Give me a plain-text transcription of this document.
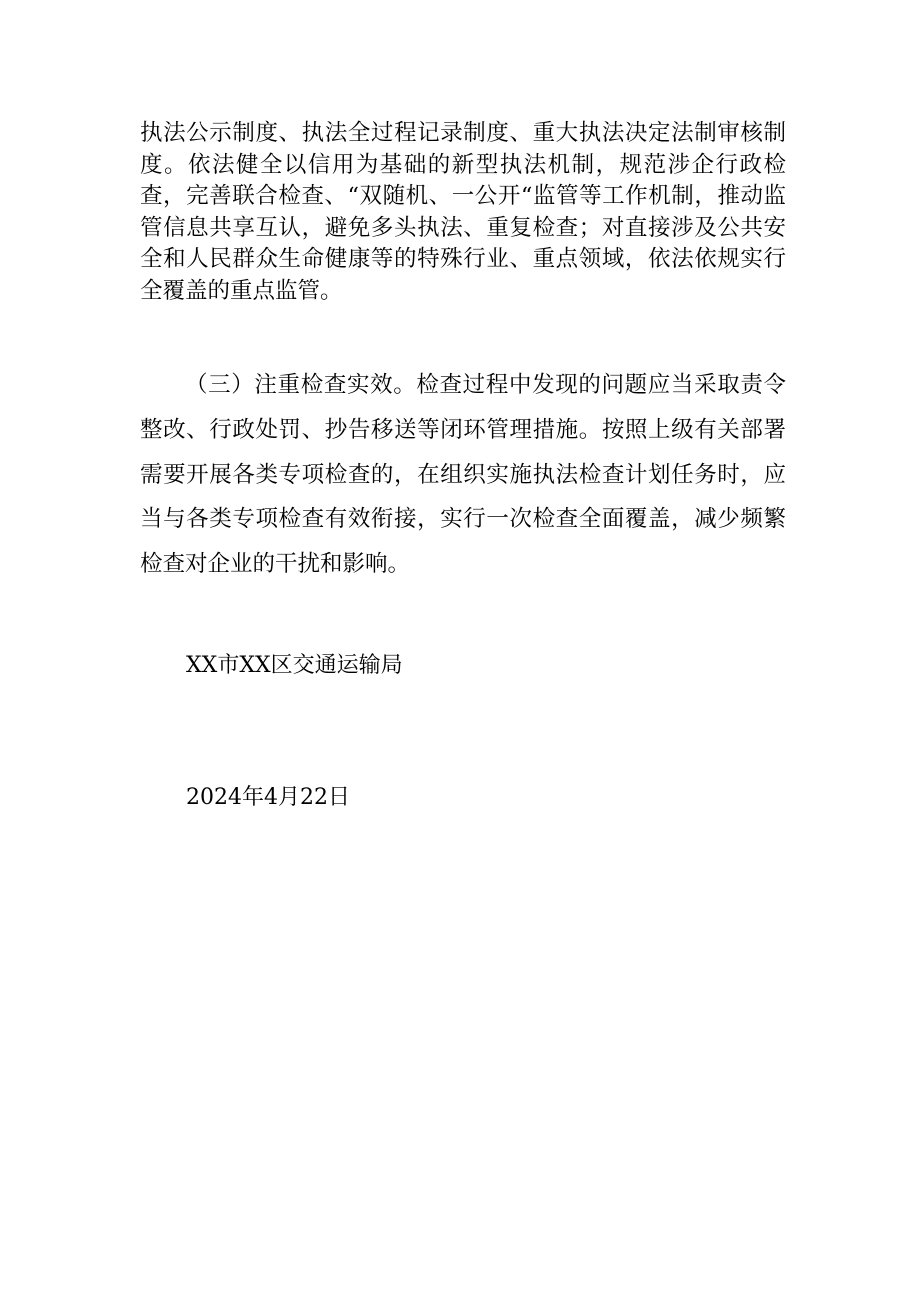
执法公示制度、执法全过程记录制度、重大执法决定法制审核制度。依法健全以信用为基础的新型执法机制，规范涉企行政检查，完善联合检查、“双随机、一公开“监管等工作机制，推动监管信息共享互认，避免多头执法、重复检查；对直接涉及公共安全和人民群众生命健康等的特殊行业、重点领域，依法依规实行全覆盖的重点监管。

（三）注重检查实效。检查过程中发现的问题应当采取责令整改、行政处罚、抄告移送等闭环管理措施。按照上级有关部署需要开展各类专项检查的，在组织实施执法检查计划任务时，应当与各类专项检查有效衔接，实行一次检查全面覆盖，减少频繁检查对企业的干扰和影响。

XX市XX区交通运输局

2024年4月22日
